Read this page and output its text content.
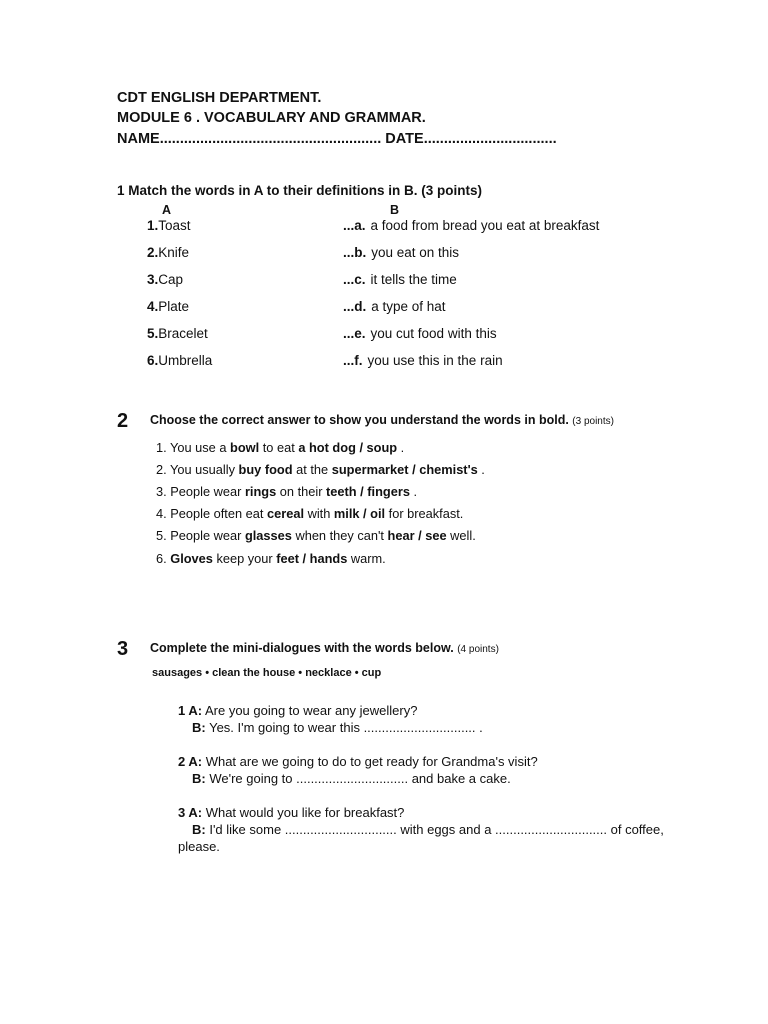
CDT ENGLISH DEPARTMENT.
MODULE 6 . VOCABULARY AND GRAMMAR.
NAME....................................................... DATE.................................
1 Match the words in A to their definitions in B. (3 points)
A	B
1.Toast
2.Knife
3.Cap
4.Plate
5.Bracelet
6.Umbrella
...a. a food from bread you eat at breakfast
...b. you eat on this
...c. it tells the time
...d. a type of hat
...e. you cut food with this
...f. you use this in the rain
2 Choose the correct answer to show you understand the words in bold. (3 points)
1. You use a bowl to eat a hot dog / soup .
2. You usually buy food at the supermarket / chemist's .
3. People wear rings on their teeth / fingers .
4. People often eat cereal with milk / oil for breakfast.
5. People wear glasses when they can't hear / see well.
6. Gloves keep your feet / hands warm.
3 Complete the mini-dialogues with the words below. (4 points)
sausages • clean the house • necklace • cup
1 A: Are you going to wear any jewellery?
B: Yes. I'm going to wear this ............................... .
2 A: What are we going to do to get ready for Grandma's visit?
B: We're going to ............................... and bake a cake.
3 A: What would you like for breakfast?
B: I'd like some ............................... with eggs and a ............................... of coffee,
please.
